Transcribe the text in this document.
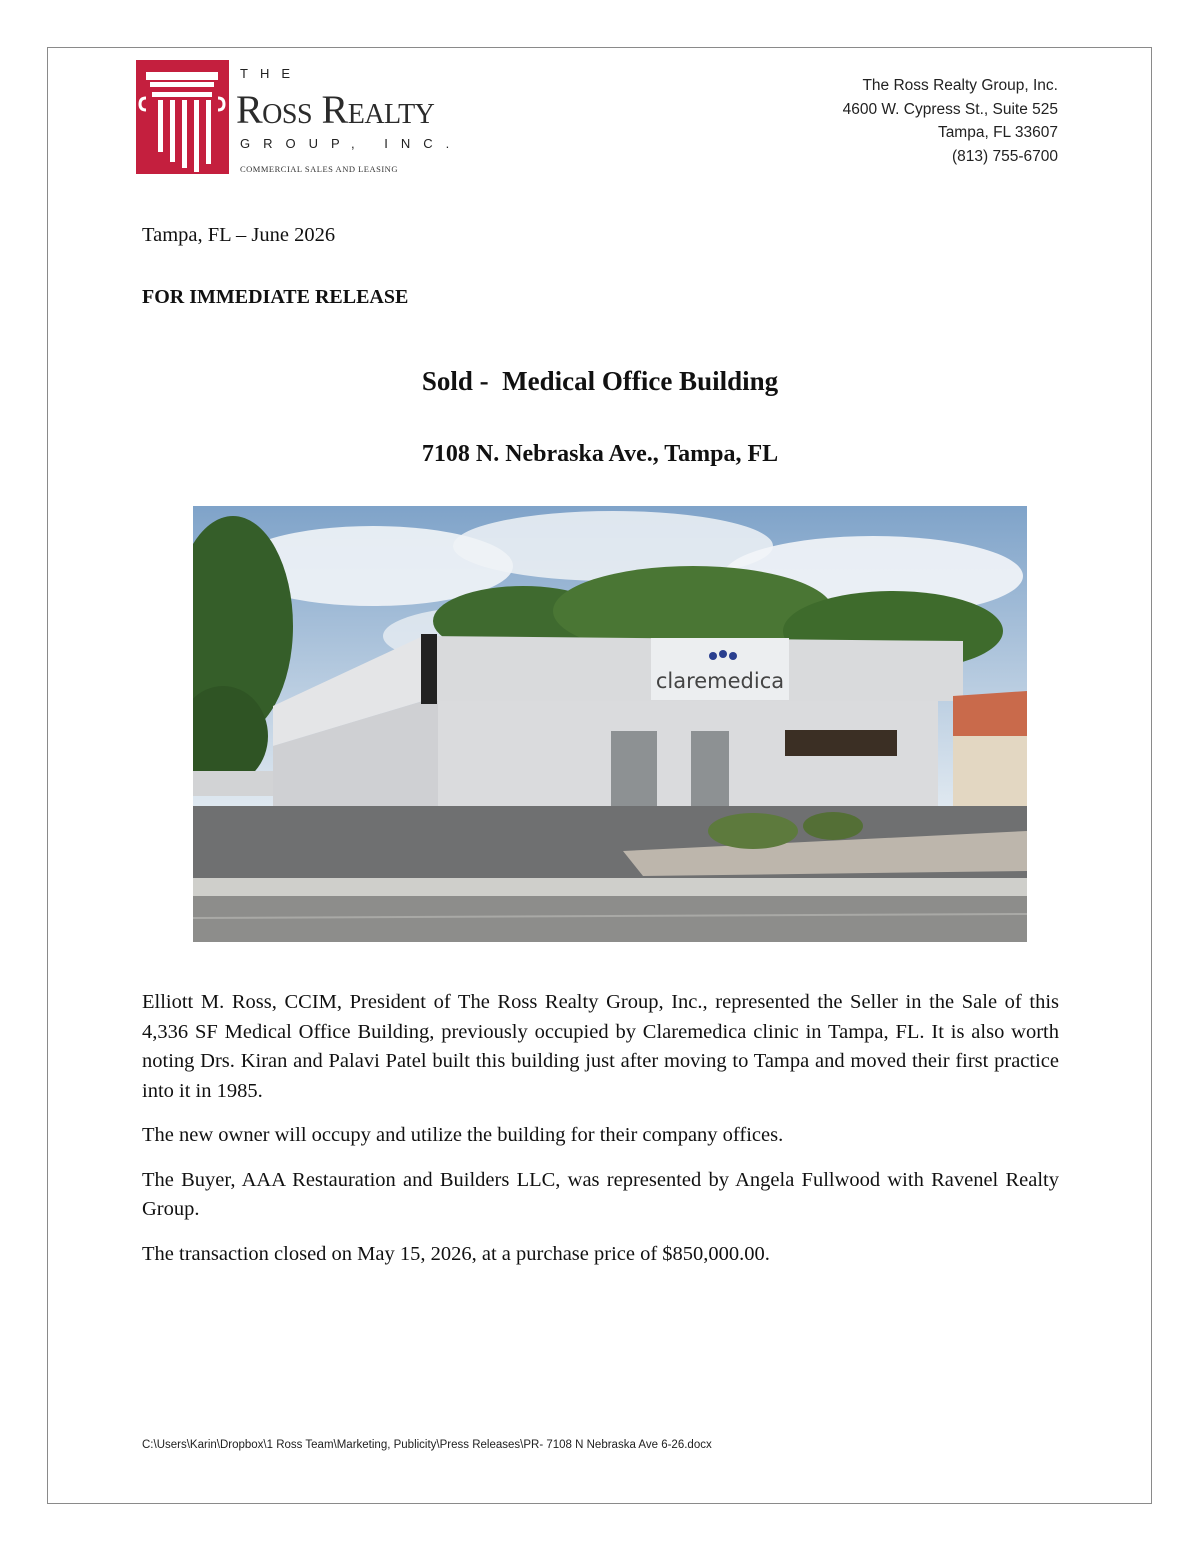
THE
Ross Realty
GROUP, INC.
COMMERCIAL SALES AND LEASING
The Ross Realty Group, Inc.
4600 W. Cypress St., Suite 525
Tampa, FL 33607
(813) 755-6700
Tampa, FL – June 2026
FOR IMMEDIATE RELEASE
Sold -  Medical Office Building
7108 N. Nebraska Ave., Tampa, FL
claremedica

Elliott M. Ross, CCIM, President of The Ross Realty Group, Inc., represented the Seller in the Sale of this 4,336 SF Medical Office Building, previously occupied by Claremedica clinic in Tampa, FL. It is also worth noting Drs. Kiran and Palavi Patel built this building just after moving to Tampa and moved their first practice into it in 1985.

The new owner will occupy and utilize the building for their company offices.

The Buyer, AAA Restauration and Builders LLC, was represented by Angela Fullwood with Ravenel Realty Group.

The transaction closed on May 15, 2026, at a purchase price of $850,000.00.

C:\Users\Karin\Dropbox\1 Ross Team\Marketing, Publicity\Press Releases\PR- 7108 N Nebraska Ave 6-26.docx
